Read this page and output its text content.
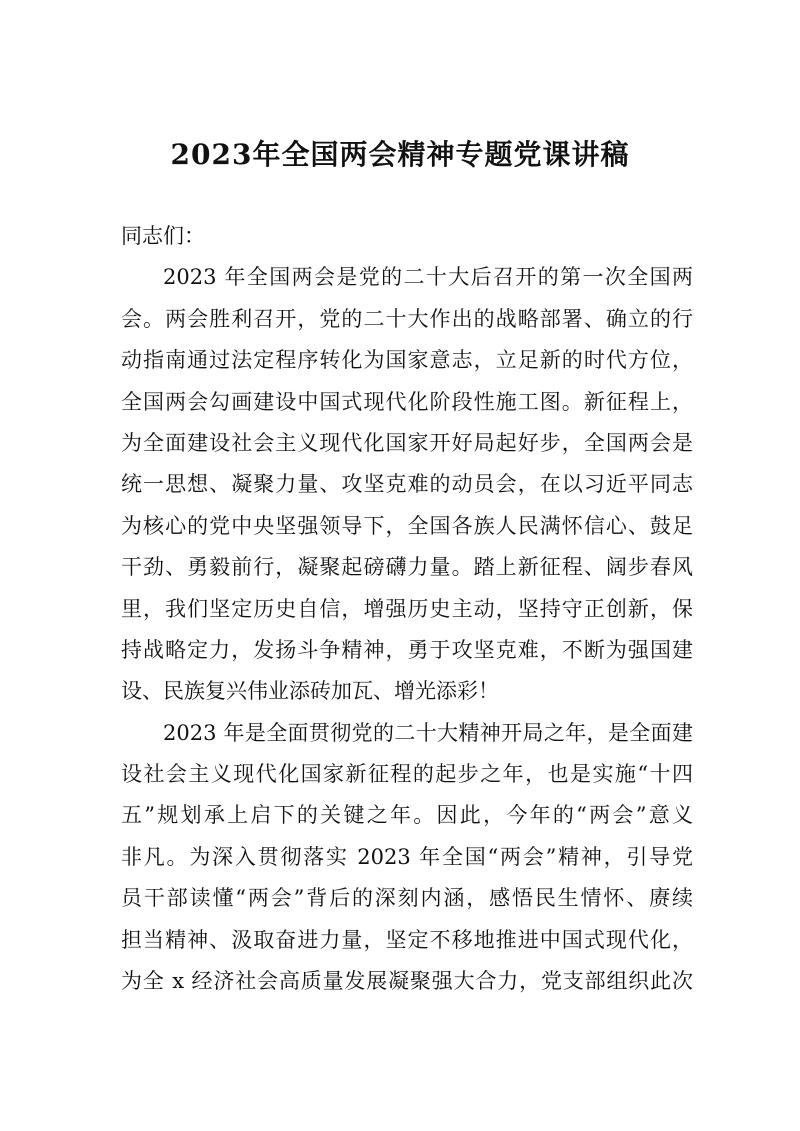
2023年全国两会精神专题党课讲稿
同志们：
2023 年全国两会是党的二十大后召开的第一次全国两
会。两会胜利召开，党的二十大作出的战略部署、确立的行
动指南通过法定程序转化为国家意志，立足新的时代方位，
全国两会勾画建设中国式现代化阶段性施工图。新征程上，
为全面建设社会主义现代化国家开好局起好步，全国两会是
统一思想、凝聚力量、攻坚克难的动员会，在以习近平同志
为核心的党中央坚强领导下，全国各族人民满怀信心、鼓足
干劲、勇毅前行，凝聚起磅礴力量。踏上新征程、阔步春风
里，我们坚定历史自信，增强历史主动，坚持守正创新，保
持战略定力，发扬斗争精神，勇于攻坚克难，不断为强国建
设、民族复兴伟业添砖加瓦、增光添彩！
2023 年是全面贯彻党的二十大精神开局之年，是全面建
设社会主义现代化国家新征程的起步之年，也是实施“十四
五”规划承上启下的关键之年。因此，今年的“两会”意义
非凡。为深入贯彻落实 2023 年全国“两会”精神，引导党
员干部读懂“两会”背后的深刻内涵，感悟民生情怀、赓续
担当精神、汲取奋进力量，坚定不移地推进中国式现代化，
为全 x 经济社会高质量发展凝聚强大合力，党支部组织此次
